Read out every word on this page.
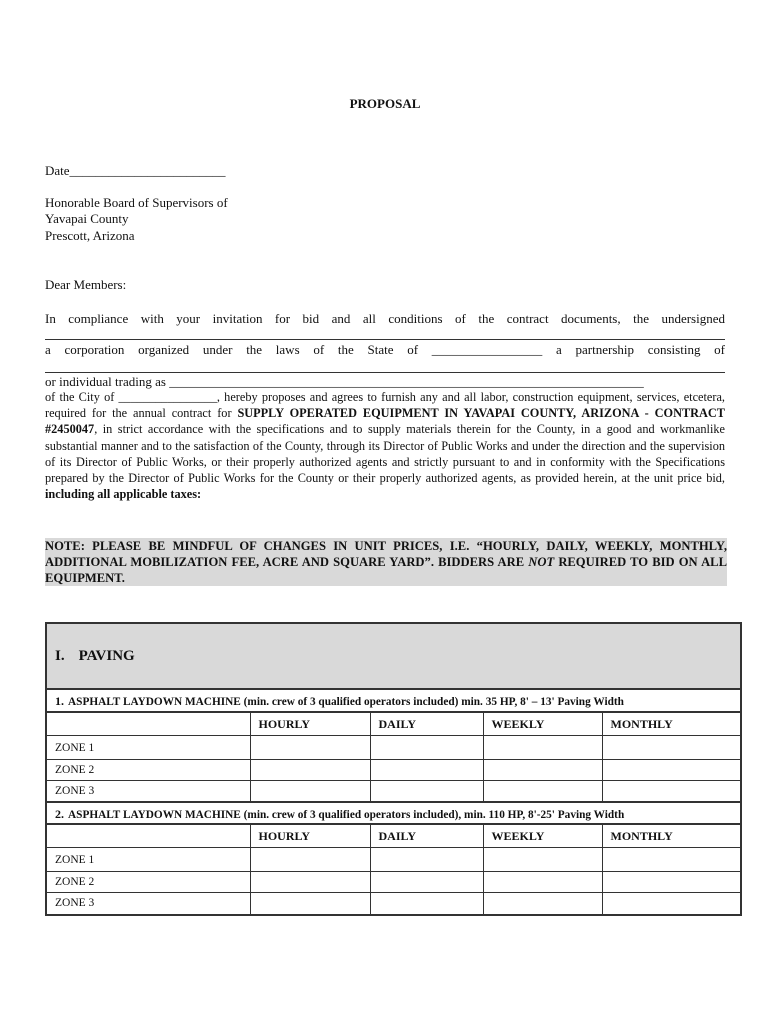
PROPOSAL
Date________________________
Honorable Board of Supervisors of
Yavapai County
Prescott, Arizona
Dear Members:
In compliance with your invitation for bid and all conditions of the contract documents, the undersigned
a corporation organized under the laws of the State of _________________ a partnership consisting of
or individual trading as _________________________________________________________________________
of the City of ________________, hereby proposes and agrees to furnish any and all labor, construction equipment, services, etcetera, required for the annual contract for SUPPLY OPERATED EQUIPMENT IN YAVAPAI COUNTY, ARIZONA - CONTRACT #2450047, in strict accordance with the specifications and to supply materials therein for the County, in a good and workmanlike substantial manner and to the satisfaction of the County, through its Director of Public Works and under the direction and the supervision of its Director of Public Works, or their properly authorized agents and strictly pursuant to and in conformity with the Specifications prepared by the Director of Public Works for the County or their properly authorized agents, as provided herein, at the unit price bid, including all applicable taxes:
NOTE: PLEASE BE MINDFUL OF CHANGES IN UNIT PRICES, I.E. “HOURLY, DAILY, WEEKLY, MONTHLY, ADDITIONAL MOBILIZATION FEE, ACRE AND SQUARE YARD”. BIDDERS ARE NOT REQUIRED TO BID ON ALL EQUIPMENT.
I. PAVING
1. ASPHALT LAYDOWN MACHINE (min. crew of 3 qualified operators included) min. 35 HP, 8' – 13' Paving Width
	HOURLY	DAILY	WEEKLY	MONTHLY
ZONE 1				
ZONE 2				
ZONE 3				
2. ASPHALT LAYDOWN MACHINE (min. crew of 3 qualified operators included), min. 110 HP, 8'-25' Paving Width
	HOURLY	DAILY	WEEKLY	MONTHLY
ZONE 1				
ZONE 2				
ZONE 3				
